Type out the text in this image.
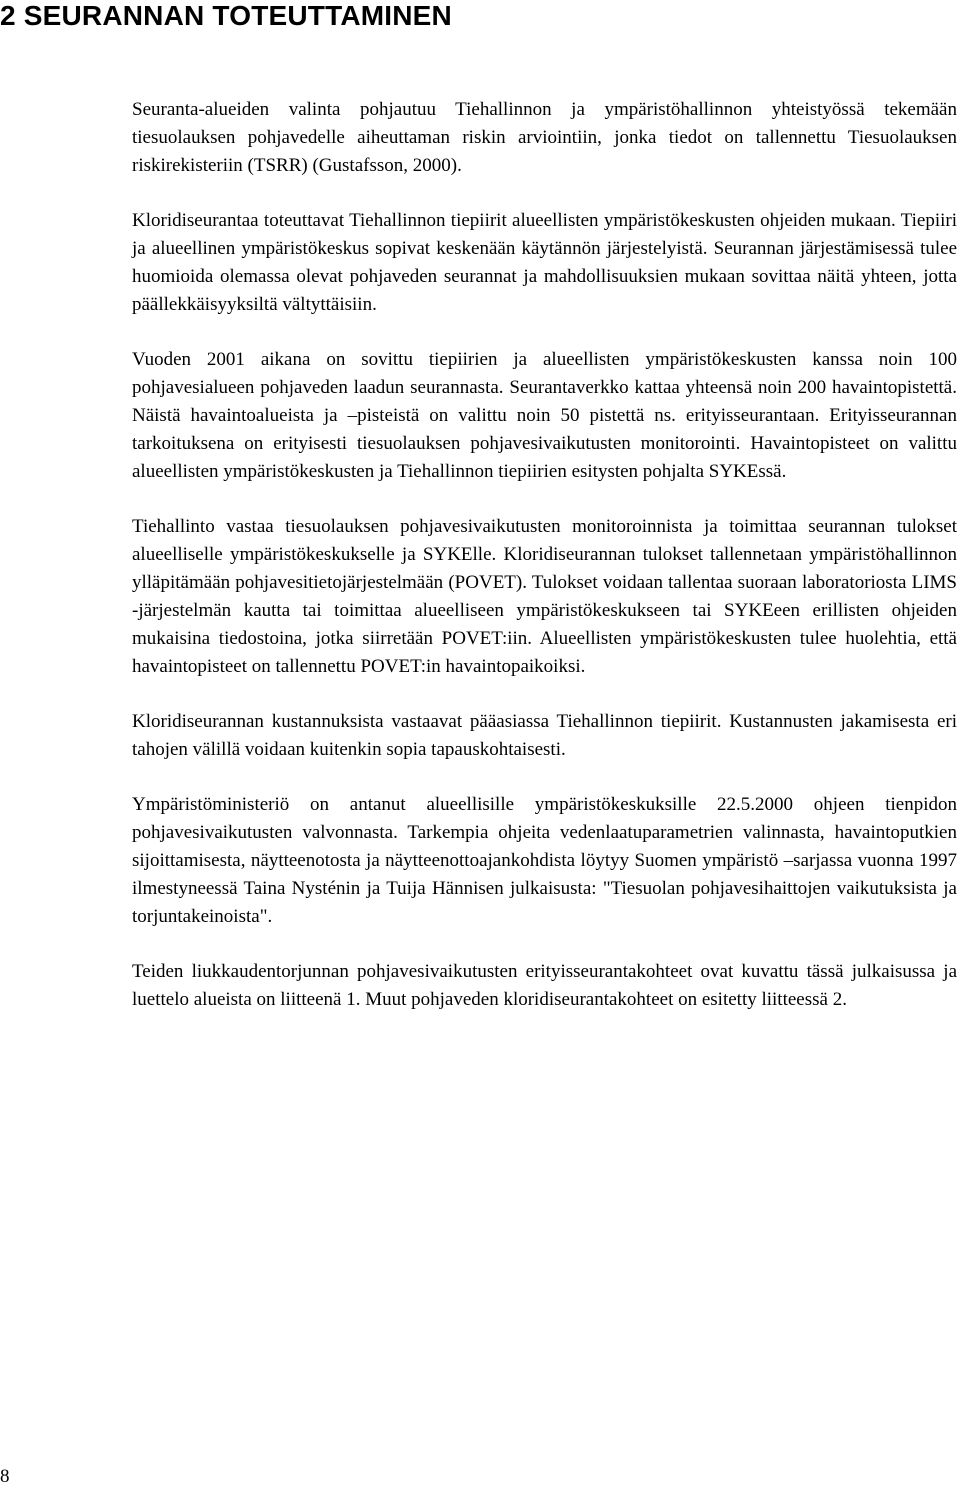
2 SEURANNAN TOTEUTTAMINEN

Seuranta-alueiden valinta pohjautuu Tiehallinnon ja ympäristöhallinnon yhteistyössä tekemään tiesuolauksen pohjavedelle aiheuttaman riskin arviointiin, jonka tiedot on tallennettu Tiesuolauksen riskirekisteriin (TSRR) (Gustafsson, 2000).

Kloridiseurantaa toteuttavat Tiehallinnon tiepiirit alueellisten ympäristökeskusten ohjeiden mukaan. Tiepiiri ja alueellinen ympäristökeskus sopivat keskenään käytännön järjestelyistä. Seurannan järjestämisessä tulee huomioida olemassa olevat pohjaveden seurannat ja mahdollisuuksien mukaan sovittaa näitä yhteen, jotta päällekkäisyyksiltä vältyttäisiin.

Vuoden 2001 aikana on sovittu tiepiirien ja alueellisten ympäristökeskusten kanssa noin 100 pohjavesialueen pohjaveden laadun seurannasta. Seurantaverkko kattaa yhteensä noin 200 havaintopistettä. Näistä havaintoalueista ja –pisteistä on valittu noin 50 pistettä ns. erityisseurantaan. Erityisseurannan tarkoituksena on erityisesti tiesuolauksen pohjavesivaikutusten monitorointi. Havaintopisteet on valittu alueellisten ympäristökeskusten ja Tiehallinnon tiepiirien esitysten pohjalta SYKEssä.

Tiehallinto vastaa tiesuolauksen pohjavesivaikutusten monitoroinnista ja toimittaa seurannan tulokset alueelliselle ympäristökeskukselle ja SYKElle. Kloridiseurannan tulokset tallennetaan ympäristöhallinnon ylläpitämään pohjavesitietojärjestelmään (POVET). Tulokset voidaan tallentaa suoraan laboratoriosta LIMS -järjestelmän kautta tai toimittaa alueelliseen ympäristökeskukseen tai SYKEeen erillisten ohjeiden mukaisina tiedostoina, jotka siirretään POVET:iin. Alueellisten ympäristökeskusten tulee huolehtia, että havaintopisteet on tallennettu POVET:in havaintopaikoiksi.

Kloridiseurannan kustannuksista vastaavat pääasiassa Tiehallinnon tiepiirit. Kustannusten jakamisesta eri tahojen välillä voidaan kuitenkin sopia tapauskohtaisesti.

Ympäristöministeriö on antanut alueellisille ympäristökeskuksille 22.5.2000 ohjeen tienpidon pohjavesivaikutusten valvonnasta. Tarkempia ohjeita vedenlaatuparametrien valinnasta, havaintoputkien sijoittamisesta, näytteenotosta ja näytteenottoajankohdista löytyy Suomen ympäristö –sarjassa vuonna 1997 ilmestyneessä Taina Nysténin ja Tuija Hännisen julkaisusta: "Tiesuolan pohjavesihaittojen vaikutuksista ja torjuntakeinoista".

Teiden liukkaudentorjunnan pohjavesivaikutusten erityisseurantakohteet ovat kuvattu tässä julkaisussa ja luettelo alueista on liitteenä 1. Muut pohjaveden kloridiseurantakohteet on esitetty liitteessä 2.

8
